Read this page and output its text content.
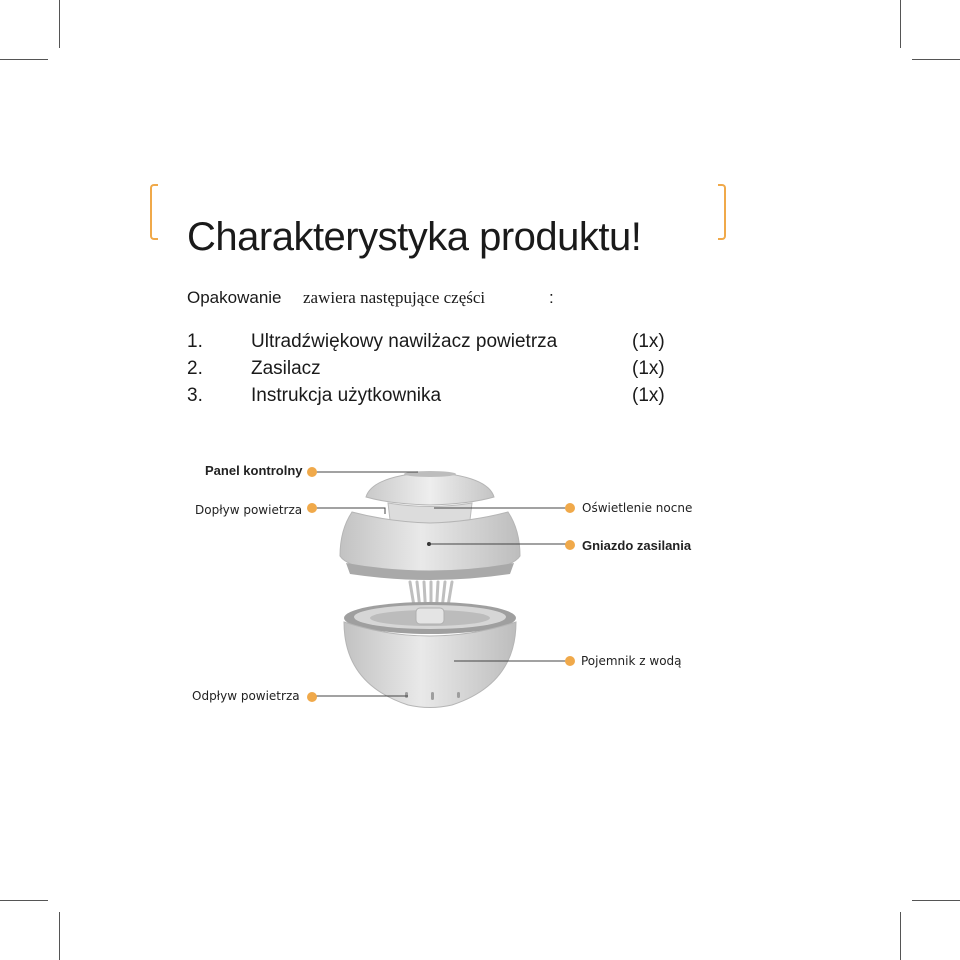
Charakterystyka produktu!
Opakowanie zawiera następujące części	:
1.	Ultradźwiękowy nawilżacz powietrza	(1x)
2.	Zasilacz	(1x)
3.	Instrukcja użytkownika	(1x)
Panel kontrolny
Dopływ powietrza	Oświetlenie nocne
Gniazdo zasilania
Pojemnik z wodą
Odpływ powietrza
